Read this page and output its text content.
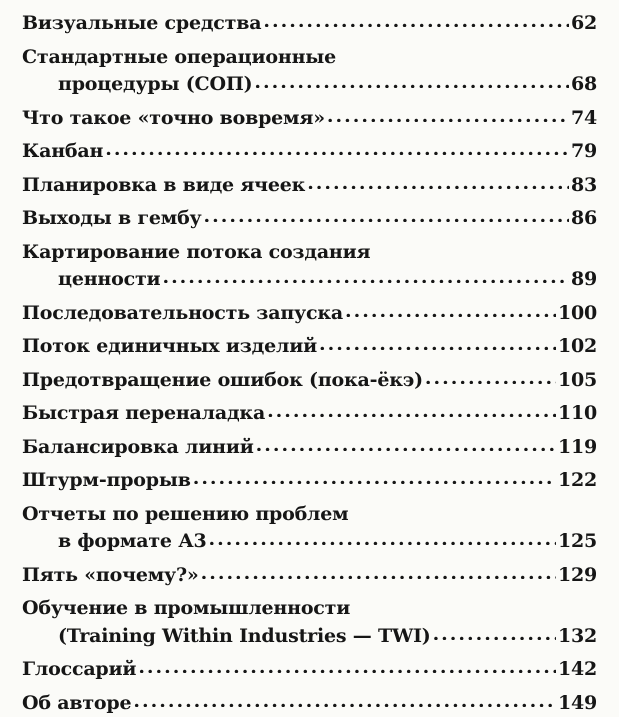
Визуальные средства .....	62
Стандартные операционные
процедуры (СОП) .....	68
Что такое «точно вовремя» .....	74
Канбан .....	79
Планировка в виде ячеек .....	83
Выходы в гембу .....	86
Картирование потока создания
ценности .....	89
Последовательность запуска .....	100
Поток единичных изделий .....	102
Предотвращение ошибок (пока-ёкэ) .....	105
Быстрая переналадка .....	110
Балансировка линий .....	119
Штурм-прорыв .....	122
Отчеты по решению проблем
в формате А3 .....	125
Пять «почему?» .....	129
Обучение в промышленности
(Training Within Industries — TWI) .....	132
Глоссарий .....	142
Об авторе .....	149
